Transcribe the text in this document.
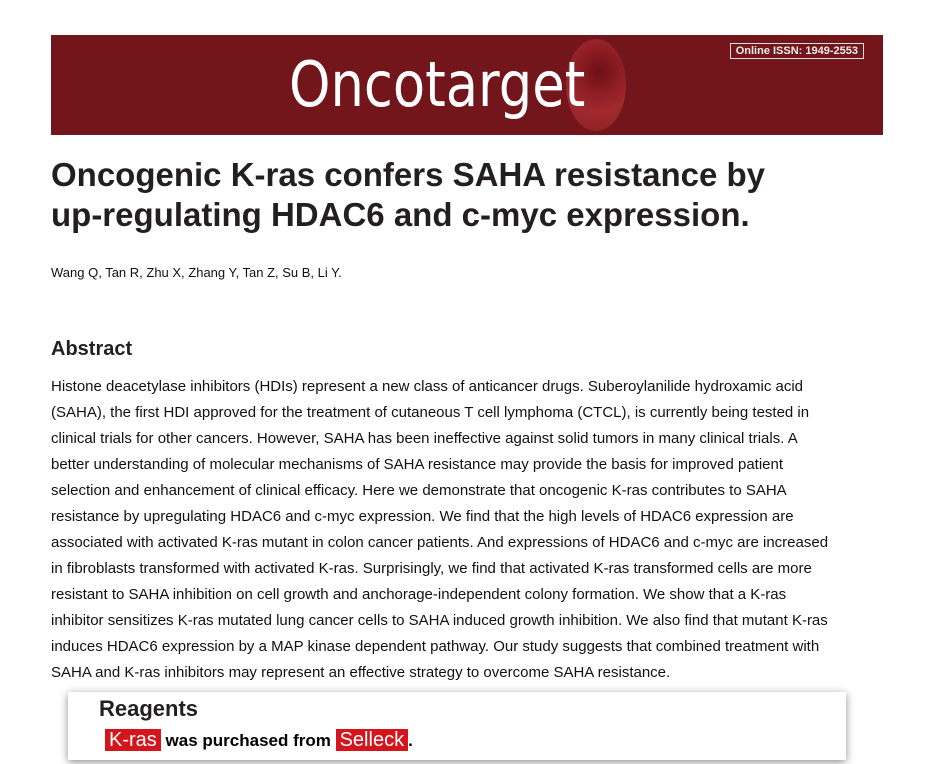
Oncotarget	Online ISSN: 1949-2553
Oncogenic K-ras confers SAHA resistance by
up-regulating HDAC6 and c-myc expression.
Wang Q, Tan R, Zhu X, Zhang Y, Tan Z, Su B, Li Y.
Abstract
Histone deacetylase inhibitors (HDIs) represent a new class of anticancer drugs. Suberoylanilide hydroxamic acid
(SAHA), the first HDI approved for the treatment of cutaneous T cell lymphoma (CTCL), is currently being tested in
clinical trials for other cancers. However, SAHA has been ineffective against solid tumors in many clinical trials. A
better understanding of molecular mechanisms of SAHA resistance may provide the basis for improved patient
selection and enhancement of clinical efficacy. Here we demonstrate that oncogenic K-ras contributes to SAHA
resistance by upregulating HDAC6 and c-myc expression. We find that the high levels of HDAC6 expression are
associated with activated K-ras mutant in colon cancer patients. And expressions of HDAC6 and c-myc are increased
in fibroblasts transformed with activated K-ras. Surprisingly, we find that activated K-ras transformed cells are more
resistant to SAHA inhibition on cell growth and anchorage-independent colony formation. We show that a K-ras
inhibitor sensitizes K-ras mutated lung cancer cells to SAHA induced growth inhibition. We also find that mutant K-ras
induces HDAC6 expression by a MAP kinase dependent pathway. Our study suggests that combined treatment with
SAHA and K-ras inhibitors may represent an effective strategy to overcome SAHA resistance.
Reagents
K-ras was purchased from Selleck .
